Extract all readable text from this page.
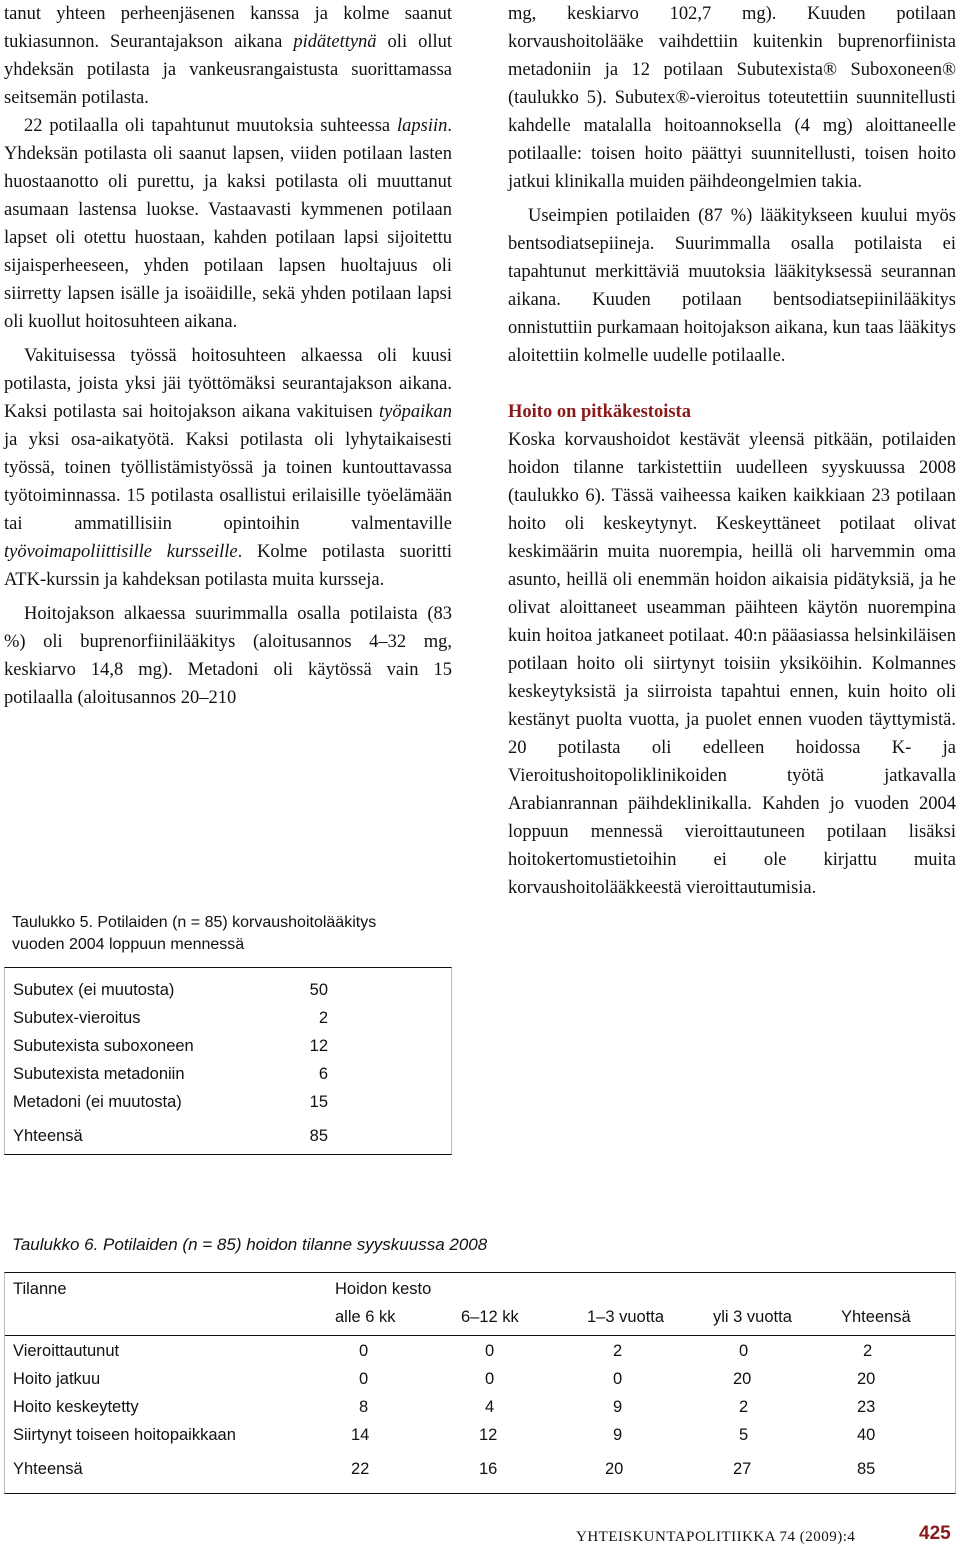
tanut yhteen perheenjäsenen kanssa ja kolme saanut tukiasunnon. Seurantajakson aikana pidätettynä oli ollut yhdeksän potilasta ja vankeusrangaistusta suorittamassa seitsemän potilasta.

22 potilaalla oli tapahtunut muutoksia suhteessa lapsiin. Yhdeksän potilasta oli saanut lapsen, viiden potilaan lasten huostaanotto oli purettu, ja kaksi potilasta oli muuttanut asumaan lastensa luokse. Vastaavasti kymmenen potilaan lapset oli otettu huostaan, kahden potilaan lapsi sijoitettu sijaisperheeseen, yhden potilaan lapsen huoltajuus oli siirretty lapsen isälle ja isoäidille, sekä yhden potilaan lapsi oli kuollut hoitosuhteen aikana.

Vakituisessa työssä hoitosuhteen alkaessa oli kuusi potilasta, joista yksi jäi työttömäksi seurantajakson aikana. Kaksi potilasta sai hoitojakson aikana vakituisen työpaikan ja yksi osa-aikatyötä. Kaksi potilasta oli lyhytaikaisesti työssä, toinen työllistämistyössä ja toinen kuntouttavassa työtoiminnassa. 15 potilasta osallistui erilaisille työelämään tai ammatillisiin opintoihin valmentaville työvoimapoliittisille kursseille. Kolme potilasta suoritti ATK-kurssin ja kahdeksan potilasta muita kursseja.

Hoitojakson alkaessa suurimmalla osalla potilaista (83 %) oli buprenorfiinilääkitys (aloitusannos 4–32 mg, keskiarvo 14,8 mg). Metadoni oli käytössä vain 15 potilaalla (aloitusannos 20–210

mg, keskiarvo 102,7 mg). Kuuden potilaan korvaushoitolääke vaihdettiin kuitenkin buprenorfiinista metadoniin ja 12 potilaan Subutexista® Suboxoneen® (taulukko 5). Subutex®-vieroitus toteutettiin suunnitellusti kahdelle matalalla hoitoannoksella (4 mg) aloittaneelle potilaalle: toisen hoito päättyi suunnitellusti, toisen hoito jatkui klinikalla muiden päihdeongelmien takia.

Useimpien potilaiden (87 %) lääkitykseen kuului myös bentsodiatsepiineja. Suurimmalla osalla potilaista ei tapahtunut merkittäviä muutoksia lääkityksessä seurannan aikana. Kuuden potilaan bentsodiatsepiinilääkitys onnistuttiin purkamaan hoitojakson aikana, kun taas lääkitys aloitettiin kolmelle uudelle potilaalle.

Hoito on pitkäkestoista

Koska korvaushoidot kestävät yleensä pitkään, potilaiden hoidon tilanne tarkistettiin uudelleen syyskuussa 2008 (taulukko 6). Tässä vaiheessa kaiken kaikkiaan 23 potilaan hoito oli keskeytynyt. Keskeyttäneet potilaat olivat keskimäärin muita nuorempia, heillä oli harvemmin oma asunto, heillä oli enemmän hoidon aikaisia pidätyksiä, ja he olivat aloittaneet useamman päihteen käytön nuorempina kuin hoitoa jatkaneet potilaat. 40:n pääasiassa helsinkiläisen potilaan hoito oli siirtynyt toisiin yksiköihin. Kolmannes keskeytyksistä ja siirroista tapahtui ennen, kuin hoito oli kestänyt puolta vuotta, ja puolet ennen vuoden täyttymistä. 20 potilasta oli edelleen hoidossa K- ja Vieroitushoitopoliklinikoiden työtä jatkavalla Arabianrannan päihdeklinikalla. Kahden jo vuoden 2004 loppuun mennessä vieroittautuneen potilaan lisäksi hoitokertomustietoihin ei ole kirjattu muita korvaushoitolääkkeestä vieroittautumisia.

Taulukko 5. Potilaiden (n = 85) korvaushoitolääkitys
vuoden 2004 loppuun mennessä
Subutex (ei muutosta)	50
Subutex-vieroitus	2
Subutexista suboxoneen	12
Subutexista metadoniin	6
Metadoni (ei muutosta)	15
Yhteensä	85
Taulukko 6. Potilaiden (n = 85) hoidon tilanne syyskuussa 2008
Tilanne	Hoidon kesto
alle 6 kk	6–12 kk	1–3 vuotta	yli 3 vuotta	Yhteensä
Vieroittautunut	0	0	2	0	2
Hoito jatkuu	0	0	0	20	20
Hoito keskeytetty	8	4	9	2	23
Siirtynyt toiseen hoitopaikkaan	14	12	9	5	40
Yhteensä	22	16	20	27	85
YHTEISKUNTAPOLITIIKKA 74 (2009):4	425
